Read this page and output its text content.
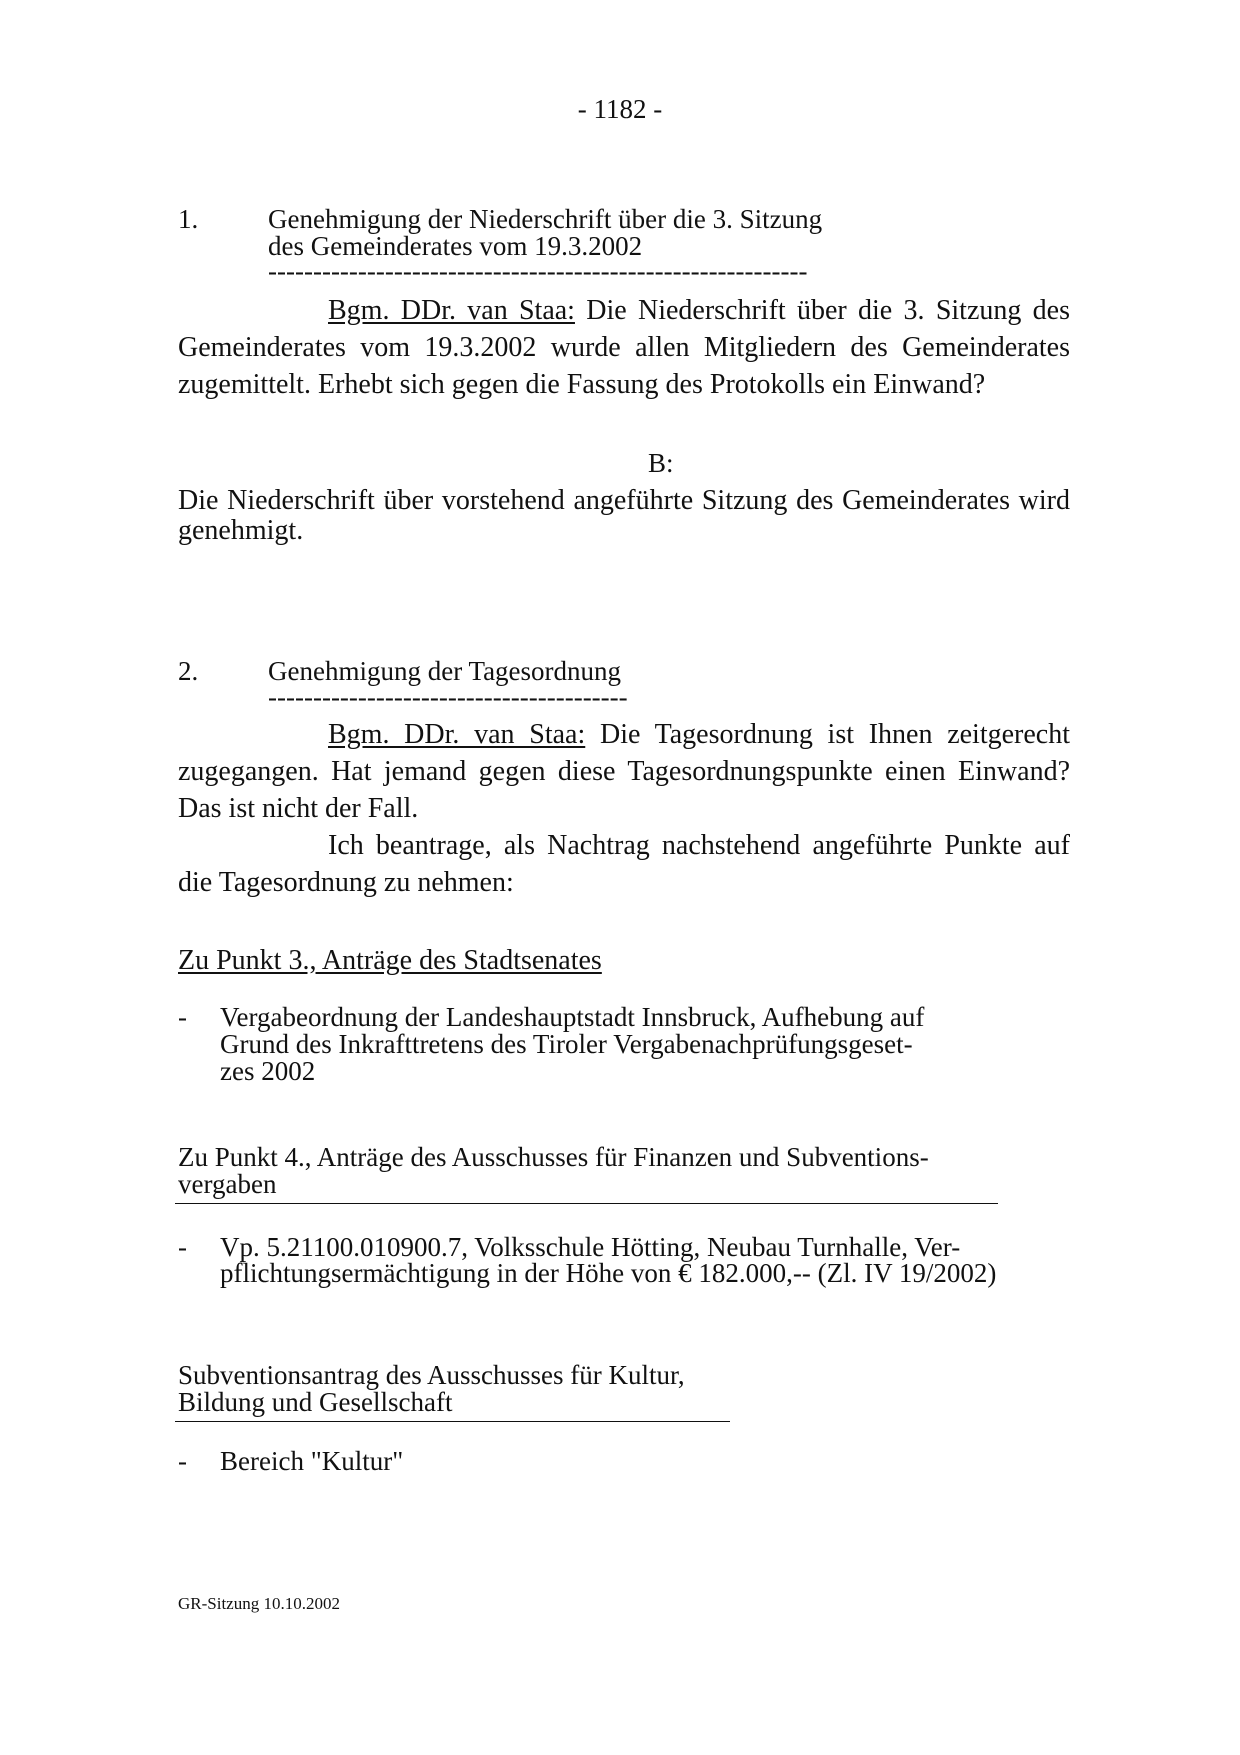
- 1182 -
1.	Genehmigung der Niederschrift über die 3. Sitzung
des Gemeinderates vom 19.3.2002
------------------------------------------------------------

Bgm. DDr. van Staa: Die Niederschrift über die 3. Sitzung des Gemeinderates vom 19.3.2002 wurde allen Mitgliedern des Gemeinderates zugemittelt. Erhebt sich gegen die Fassung des Protokolls ein Einwand?

B:

Die Niederschrift über vorstehend angeführte Sitzung des Gemeinderates wird genehmigt.

2.	Genehmigung der Tagesordnung
----------------------------------------

Bgm. DDr. van Staa: Die Tagesordnung ist Ihnen zeitgerecht zugegangen. Hat jemand gegen diese Tagesordnungspunkte einen Einwand? Das ist nicht der Fall.

Ich beantrage, als Nachtrag nachstehend angeführte Punkte auf die Tagesordnung zu nehmen:

Zu Punkt 3., Anträge des Stadtsenates
- Vergabeordnung der Landeshauptstadt Innsbruck, Aufhebung auf
Grund des Inkrafttretens des Tiroler Vergabenachprüfungsgeset-
zes 2002
Zu Punkt 4., Anträge des Ausschusses für Finanzen und Subventions-
vergaben
- Vp. 5.21100.010900.7, Volksschule Hötting, Neubau Turnhalle, Ver-
pflichtungsermächtigung in der Höhe von € 182.000,-- (Zl. IV 19/2002)
Subventionsantrag des Ausschusses für Kultur,
Bildung und Gesellschaft
- Bereich "Kultur"
GR-Sitzung 10.10.2002
